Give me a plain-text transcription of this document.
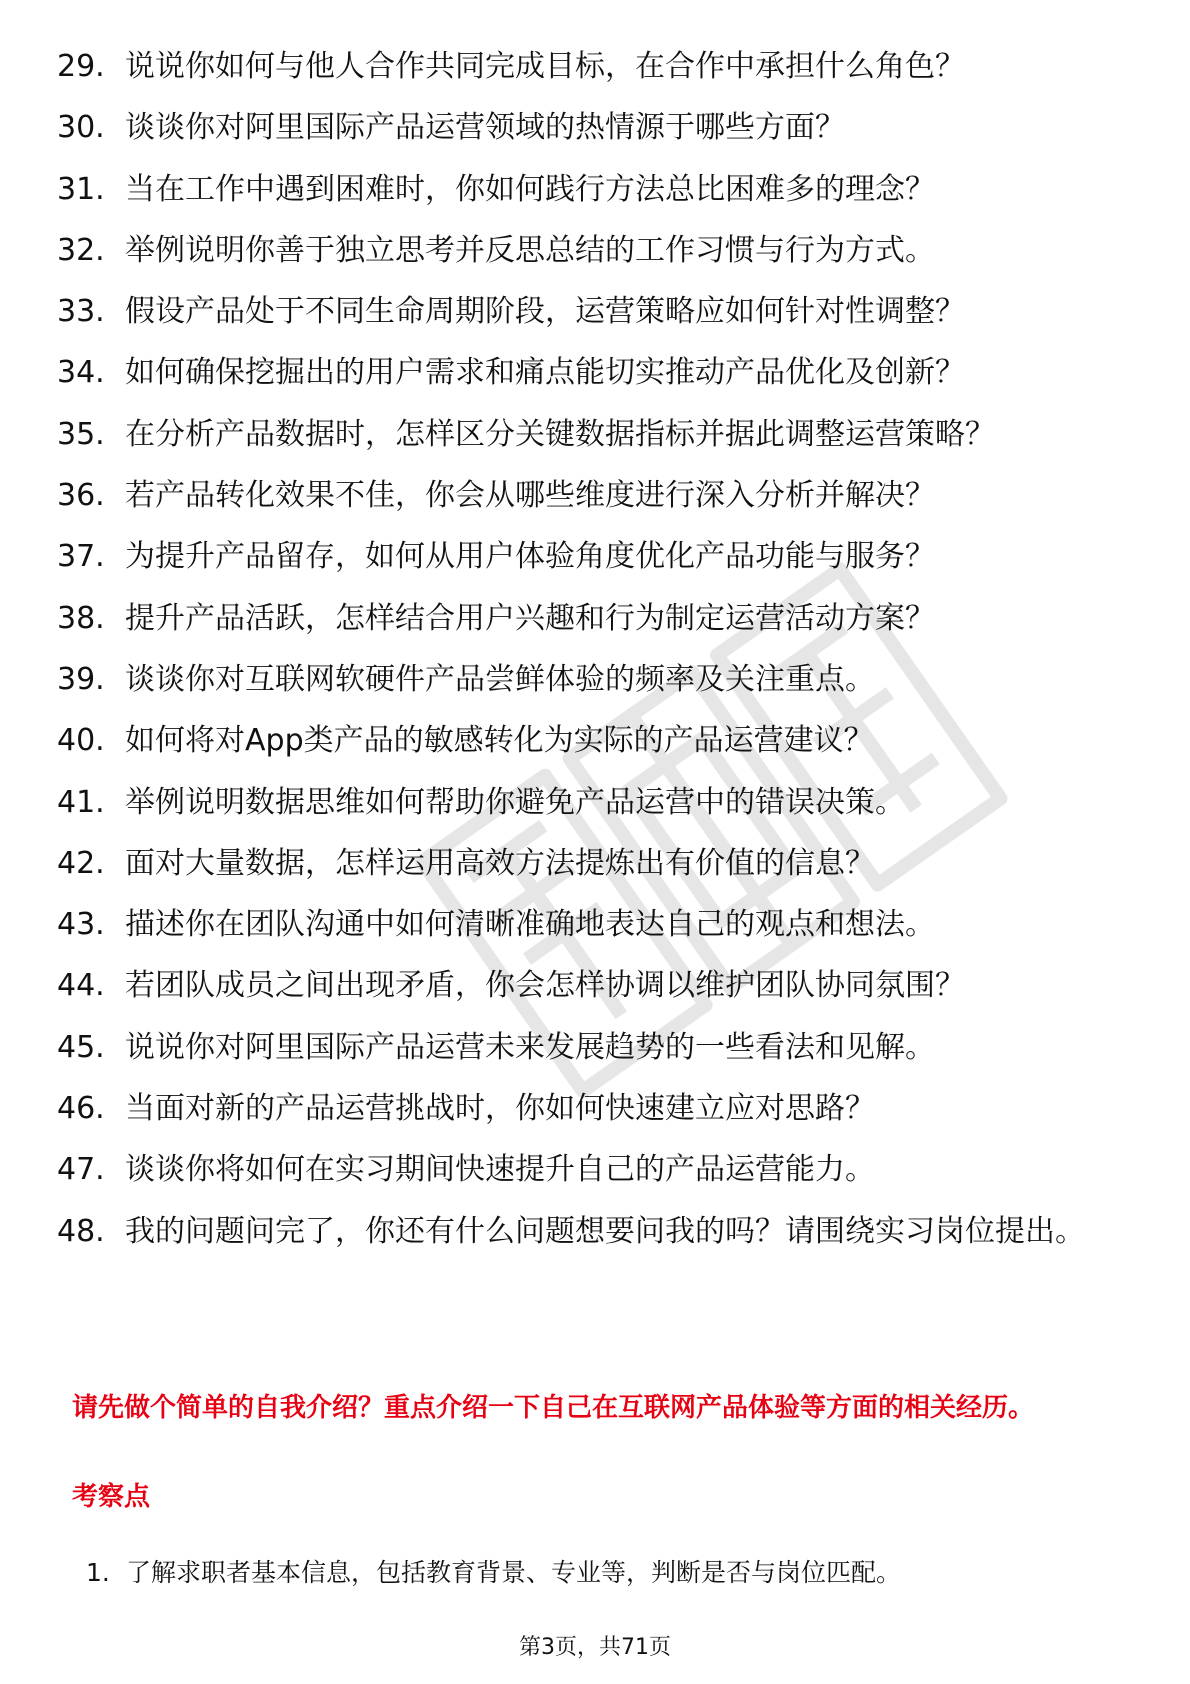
29. 说说你如何与他人合作共同完成目标，在合作中承担什么角色？
30. 谈谈你对阿里国际产品运营领域的热情源于哪些方面？
31. 当在工作中遇到困难时，你如何践行方法总比困难多的理念？
32. 举例说明你善于独立思考并反思总结的工作习惯与行为方式。
33. 假设产品处于不同生命周期阶段，运营策略应如何针对性调整？
34. 如何确保挖掘出的用户需求和痛点能切实推动产品优化及创新？
35. 在分析产品数据时，怎样区分关键数据指标并据此调整运营策略？
36. 若产品转化效果不佳，你会从哪些维度进行深入分析并解决？
37. 为提升产品留存，如何从用户体验角度优化产品功能与服务？
38. 提升产品活跃，怎样结合用户兴趣和行为制定运营活动方案？
39. 谈谈你对互联网软硬件产品尝鲜体验的频率及关注重点。
40. 如何将对App类产品的敏感转化为实际的产品运营建议？
41. 举例说明数据思维如何帮助你避免产品运营中的错误决策。
42. 面对大量数据，怎样运用高效方法提炼出有价值的信息？
43. 描述你在团队沟通中如何清晰准确地表达自己的观点和想法。
44. 若团队成员之间出现矛盾，你会怎样协调以维护团队协同氛围？
45. 说说你对阿里国际产品运营未来发展趋势的一些看法和见解。
46. 当面对新的产品运营挑战时，你如何快速建立应对思路？
47. 谈谈你将如何在实习期间快速提升自己的产品运营能力。
48. 我的问题问完了，你还有什么问题想要问我的吗？请围绕实习岗位提出。

请先做个简单的自我介绍？重点介绍一下自己在互联网产品体验等方面的相关经历。

考察点

1. 了解求职者基本信息，包括教育背景、专业等，判断是否与岗位匹配。
第3页，共71页
